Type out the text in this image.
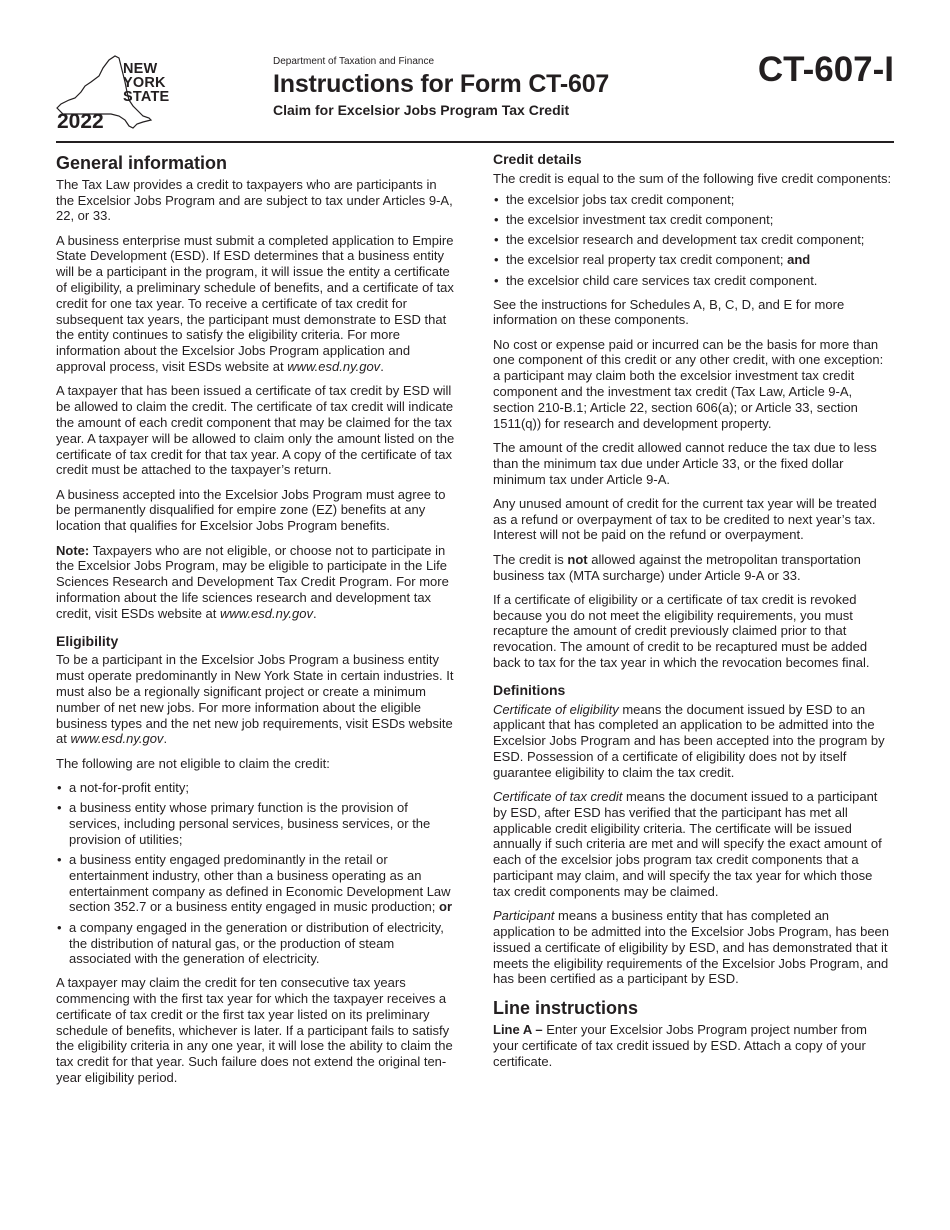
NEW
YORK
STATE
2022
Department of Taxation and Finance
Instructions for Form CT-607
Claim for Excelsior Jobs Program Tax Credit
CT-607-I
General information

The Tax Law provides a credit to taxpayers who are participants in the Excelsior Jobs Program and are subject to tax under Articles 9-A, 22, or 33.

A business enterprise must submit a completed application to Empire State Development (ESD). If ESD determines that a business entity will be a participant in the program, it will issue the entity a certificate of eligibility, a preliminary schedule of benefits, and a certificate of tax credit for one tax year. To receive a certificate of tax credit for subsequent tax years, the participant must demonstrate to ESD that the entity continues to satisfy the eligibility criteria. For more information about the Excelsior Jobs Program application and approval process, visit ESDs website at www.esd.ny.gov.

A taxpayer that has been issued a certificate of tax credit by ESD will be allowed to claim the credit. The certificate of tax credit will indicate the amount of each credit component that may be claimed for the tax year. A taxpayer will be allowed to claim only the amount listed on the certificate of tax credit for that tax year. A copy of the certificate of tax credit must be attached to the taxpayer’s return.

A business accepted into the Excelsior Jobs Program must agree to be permanently disqualified for empire zone (EZ) benefits at any location that qualifies for Excelsior Jobs Program benefits.

Note: Taxpayers who are not eligible, or choose not to participate in the Excelsior Jobs Program, may be eligible to participate in the Life Sciences Research and Development Tax Credit Program. For more information about the life sciences research and development tax credit, visit ESDs website at www.esd.ny.gov.

Eligibility

To be a participant in the Excelsior Jobs Program a business entity must operate predominantly in New York State in certain industries. It must also be a regionally significant project or create a minimum number of net new jobs. For more information about the eligible business types and the net new job requirements, visit ESDs website at www.esd.ny.gov.

The following are not eligible to claim the credit:

• a not-for-profit entity;
• a business entity whose primary function is the provision of services, including personal services, business services, or the provision of utilities;
• a business entity engaged predominantly in the retail or entertainment industry, other than a business operating as an entertainment company as defined in Economic Development Law section 352.7 or a business entity engaged in music production; or
• a company engaged in the generation or distribution of electricity, the distribution of natural gas, or the production of steam associated with the generation of electricity.

A taxpayer may claim the credit for ten consecutive tax years commencing with the first tax year for which the taxpayer receives a certificate of tax credit or the first tax year listed on its preliminary schedule of benefits, whichever is later. If a participant fails to satisfy the eligibility criteria in any one year, it will lose the ability to claim the tax credit for that year. Such failure does not extend the original ten-year eligibility period.

Credit details

The credit is equal to the sum of the following five credit components:

• the excelsior jobs tax credit component;
• the excelsior investment tax credit component;
• the excelsior research and development tax credit component;
• the excelsior real property tax credit component; and
• the excelsior child care services tax credit component.

See the instructions for Schedules A, B, C, D, and E for more information on these components.

No cost or expense paid or incurred can be the basis for more than one component of this credit or any other credit, with one exception: a participant may claim both the excelsior investment tax credit component and the investment tax credit (Tax Law, Article 9-A, section 210-B.1; Article 22, section 606(a); or Article 33, section 1511(q)) for research and development property.

The amount of the credit allowed cannot reduce the tax due to less than the minimum tax due under Article 33, or the fixed dollar minimum tax under Article 9-A.

Any unused amount of credit for the current tax year will be treated as a refund or overpayment of tax to be credited to next year’s tax. Interest will not be paid on the refund or overpayment.

The credit is not allowed against the metropolitan transportation business tax (MTA surcharge) under Article 9-A or 33.

If a certificate of eligibility or a certificate of tax credit is revoked because you do not meet the eligibility requirements, you must recapture the amount of credit previously claimed prior to that revocation. The amount of credit to be recaptured must be added back to tax for the tax year in which the revocation becomes final.

Definitions

Certificate of eligibility means the document issued by ESD to an applicant that has completed an application to be admitted into the Excelsior Jobs Program and has been accepted into the program by ESD. Possession of a certificate of eligibility does not by itself guarantee eligibility to claim the tax credit.

Certificate of tax credit means the document issued to a participant by ESD, after ESD has verified that the participant has met all applicable credit eligibility criteria. The certificate will be issued annually if such criteria are met and will specify the exact amount of each of the excelsior jobs program tax credit components that a participant may claim, and will specify the tax year for which those tax credit components may be claimed.

Participant means a business entity that has completed an application to be admitted into the Excelsior Jobs Program, has been issued a certificate of eligibility by ESD, and has demonstrated that it meets the eligibility requirements of the Excelsior Jobs Program, and has been certified as a participant by ESD.

Line instructions

Line A – Enter your Excelsior Jobs Program project number from your certificate of tax credit issued by ESD. Attach a copy of your certificate.
